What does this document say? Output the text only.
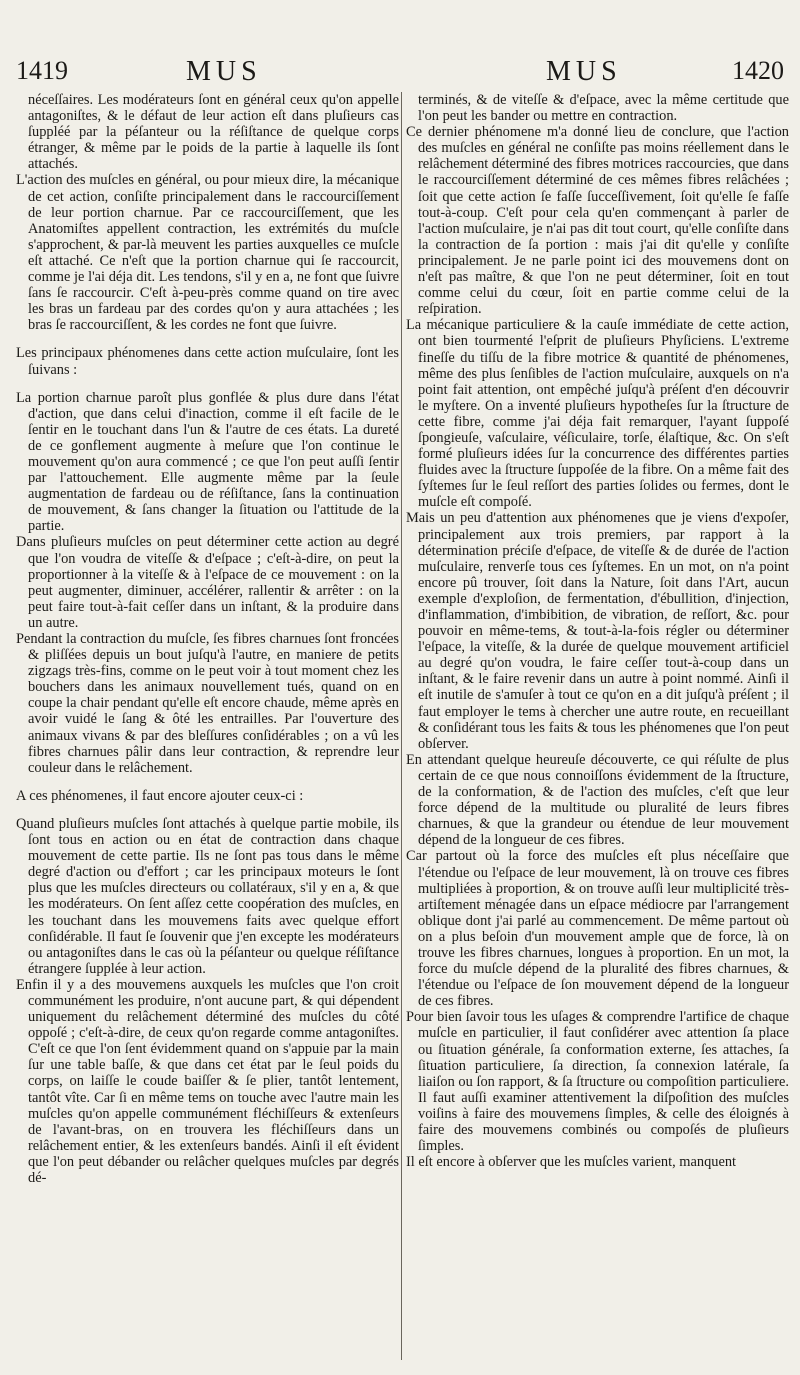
1419	MUS	MUS	1420

néceſſaires. Les modérateurs ſont en général ceux qu'on appelle antagoniſtes, & le défaut de leur action eſt dans pluſieurs cas ſuppléé par la péſanteur ou la réſiſtance de quelque corps étranger, & même par le poids de la partie à laquelle ils ſont attachés.

L'action des muſcles en général, ou pour mieux dire, la mécanique de cet action, conſiſte principalement dans le raccourciſſement de leur portion charnue. Par ce raccourciſſement, que les Anatomiſtes appellent contraction, les extrémités du muſcle s'approchent, & par-là meuvent les parties auxquelles ce muſcle eſt attaché. Ce n'eſt que la portion charnue qui ſe raccourcit, comme je l'ai déja dit. Les tendons, s'il y en a, ne font que ſuivre ſans ſe raccourcir. C'eſt à-peu-près comme quand on tire avec les bras un fardeau par des cordes qu'on y aura attachées ; les bras ſe raccourciſſent, & les cordes ne font que ſuivre.

Les principaux phénomenes dans cette action muſculaire, ſont les ſuivans :

La portion charnue paroît plus gonflée & plus dure dans l'état d'action, que dans celui d'inaction, comme il eſt facile de le ſentir en le touchant dans l'un & l'autre de ces états. La dureté de ce gonflement augmente à meſure que l'on continue le mouvement qu'on aura commencé ; ce que l'on peut auſſi ſentir par l'attouchement. Elle augmente même par la ſeule augmentation de fardeau ou de réſiſtance, ſans la continuation de mouvement, & ſans changer la ſituation ou l'attitude de la partie.

Dans pluſieurs muſcles on peut déterminer cette action au degré que l'on voudra de viteſſe & d'eſpace ; c'eſt-à-dire, on peut la proportionner à la viteſſe & à l'eſpace de ce mouvement : on la peut augmenter, diminuer, accélérer, rallentir & arrêter : on la peut faire tout-à-fait ceſſer dans un inſtant, & la produire dans un autre.

Pendant la contraction du muſcle, ſes fibres charnues ſont froncées & pliſſées depuis un bout juſqu'à l'autre, en maniere de petits zigzags très-fins, comme on le peut voir à tout moment chez les bouchers dans les animaux nouvellement tués, quand on en coupe la chair pendant qu'elle eſt encore chaude, même après en avoir vuidé le ſang & ôté les entrailles. Par l'ouverture des animaux vivans & par des bleſſures conſidérables ; on a vû les fibres charnues pâlir dans leur contraction, & reprendre leur couleur dans le relâchement.

A ces phénomenes, il faut encore ajouter ceux-ci :

Quand pluſieurs muſcles ſont attachés à quelque partie mobile, ils ſont tous en action ou en état de contraction dans chaque mouvement de cette partie. Ils ne ſont pas tous dans le même degré d'action ou d'effort ; car les principaux moteurs le ſont plus que les muſcles directeurs ou collatéraux, s'il y en a, & que les modérateurs. On ſent aſſez cette coopération des muſcles, en les touchant dans les mouvemens faits avec quelque effort conſidérable. Il faut ſe ſouvenir que j'en excepte les modérateurs ou antagoniſtes dans le cas où la péſanteur ou quelque réſiſtance étrangere ſupplée à leur action.

Enfin il y a des mouvemens auxquels les muſcles que l'on croit communément les produire, n'ont aucune part, & qui dépendent uniquement du relâchement déterminé des muſcles du côté oppoſé ; c'eſt-à-dire, de ceux qu'on regarde comme antagoniſtes. C'eſt ce que l'on ſent évidemment quand on s'appuie par la main ſur une table baſſe, & que dans cet état par le ſeul poids du corps, on laiſſe le coude baiſſer & ſe plier, tantôt lentement, tantôt vîte. Car ſi en même tems on touche avec l'autre main les muſcles qu'on appelle communément fléchiſſeurs & extenſeurs de l'avant-bras, on en trouvera les fléchiſſeurs dans un relâchement entier, & les extenſeurs bandés. Ainſi il eſt évident que l'on peut débander ou relâcher quelques muſcles par degrés dé-

terminés, & de viteſſe & d'eſpace, avec la même certitude que l'on peut les bander ou mettre en contraction.

Ce dernier phénomene m'a donné lieu de conclure, que l'action des muſcles en général ne conſiſte pas moins réellement dans le relâchement déterminé des fibres motrices raccourcies, que dans le raccourciſſement déterminé de ces mêmes fibres relâchées ; ſoit que cette action ſe faſſe ſucceſſivement, ſoit qu'elle ſe faſſe tout-à-coup. C'eſt pour cela qu'en commençant à parler de l'action muſculaire, je n'ai pas dit tout court, qu'elle conſiſte dans la contraction de ſa portion : mais j'ai dit qu'elle y conſiſte principalement. Je ne parle point ici des mouvemens dont on n'eſt pas maître, & que l'on ne peut déterminer, ſoit en tout comme celui du cœur, ſoit en partie comme celui de la reſpiration.

La mécanique particuliere & la cauſe immédiate de cette action, ont bien tourmenté l'eſprit de pluſieurs Phyſiciens. L'extreme fineſſe du tiſſu de la fibre motrice & quantité de phénomenes, même des plus ſenſibles de l'action muſculaire, auxquels on n'a point fait attention, ont empêché juſqu'à préſent d'en découvrir le myſtere. On a inventé pluſieurs hypotheſes ſur la ſtructure de cette fibre, comme j'ai déja fait remarquer, l'ayant ſuppoſé ſpongieuſe, vaſculaire, véſiculaire, torſe, élaſtique, &c. On s'eſt formé pluſieurs idées ſur la concurrence des différentes parties fluides avec la ſtructure ſuppoſée de la fibre. On a même fait des ſyſtemes ſur le ſeul reſſort des parties ſolides ou fermes, dont le muſcle eſt compoſé.

Mais un peu d'attention aux phénomenes que je viens d'expoſer, principalement aux trois premiers, par rapport à la détermination préciſe d'eſpace, de viteſſe & de durée de l'action muſculaire, renverſe tous ces ſyſtemes. En un mot, on n'a point encore pû trouver, ſoit dans la Nature, ſoit dans l'Art, aucun exemple d'exploſion, de fermentation, d'ébullition, d'injection, d'inflammation, d'imbibition, de vibration, de reſſort, &c. pour pouvoir en même-tems, & tout-à-la-fois régler ou déterminer l'eſpace, la viteſſe, & la durée de quelque mouvement artificiel au degré qu'on voudra, le faire ceſſer tout-à-coup dans un inſtant, & le faire revenir dans un autre à point nommé. Ainſi il eſt inutile de s'amuſer à tout ce qu'on en a dit juſqu'à préſent ; il faut employer le tems à chercher une autre route, en recueillant & conſidérant tous les faits & tous les phénomenes que l'on peut obſerver.

En attendant quelque heureuſe découverte, ce qui réſulte de plus certain de ce que nous connoiſſons évidemment de la ſtructure, de la conformation, & de l'action des muſcles, c'eſt que leur force dépend de la multitude ou pluralité de leurs fibres charnues, & que la grandeur ou étendue de leur mouvement dépend de la longueur de ces fibres.

Car partout où la force des muſcles eſt plus néceſſaire que l'étendue ou l'eſpace de leur mouvement, là on trouve ces fibres multipliées à proportion, & on trouve auſſi leur multiplicité très-artiſtement ménagée dans un eſpace médiocre par l'arrangement oblique dont j'ai parlé au commencement. De même partout où on a plus beſoin d'un mouvement ample que de force, là on trouve les fibres charnues, longues à proportion. En un mot, la force du muſcle dépend de la pluralité des fibres charnues, & l'étendue ou l'eſpace de ſon mouvement dépend de la longueur de ces fibres.

Pour bien ſavoir tous les uſages & comprendre l'artifice de chaque muſcle en particulier, il faut conſidérer avec attention ſa place ou ſituation générale, ſa conformation externe, ſes attaches, ſa ſituation particuliere, ſa direction, ſa connexion latérale, ſa liaiſon ou ſon rapport, & ſa ſtructure ou compoſition particuliere. Il faut auſſi examiner attentivement la diſpoſition des muſcles voiſins à faire des mouvemens ſimples, & celle des éloignés à faire des mouvemens combinés ou compoſés de pluſieurs ſimples.

Il eſt encore à obſerver que les muſcles varient, manquent
